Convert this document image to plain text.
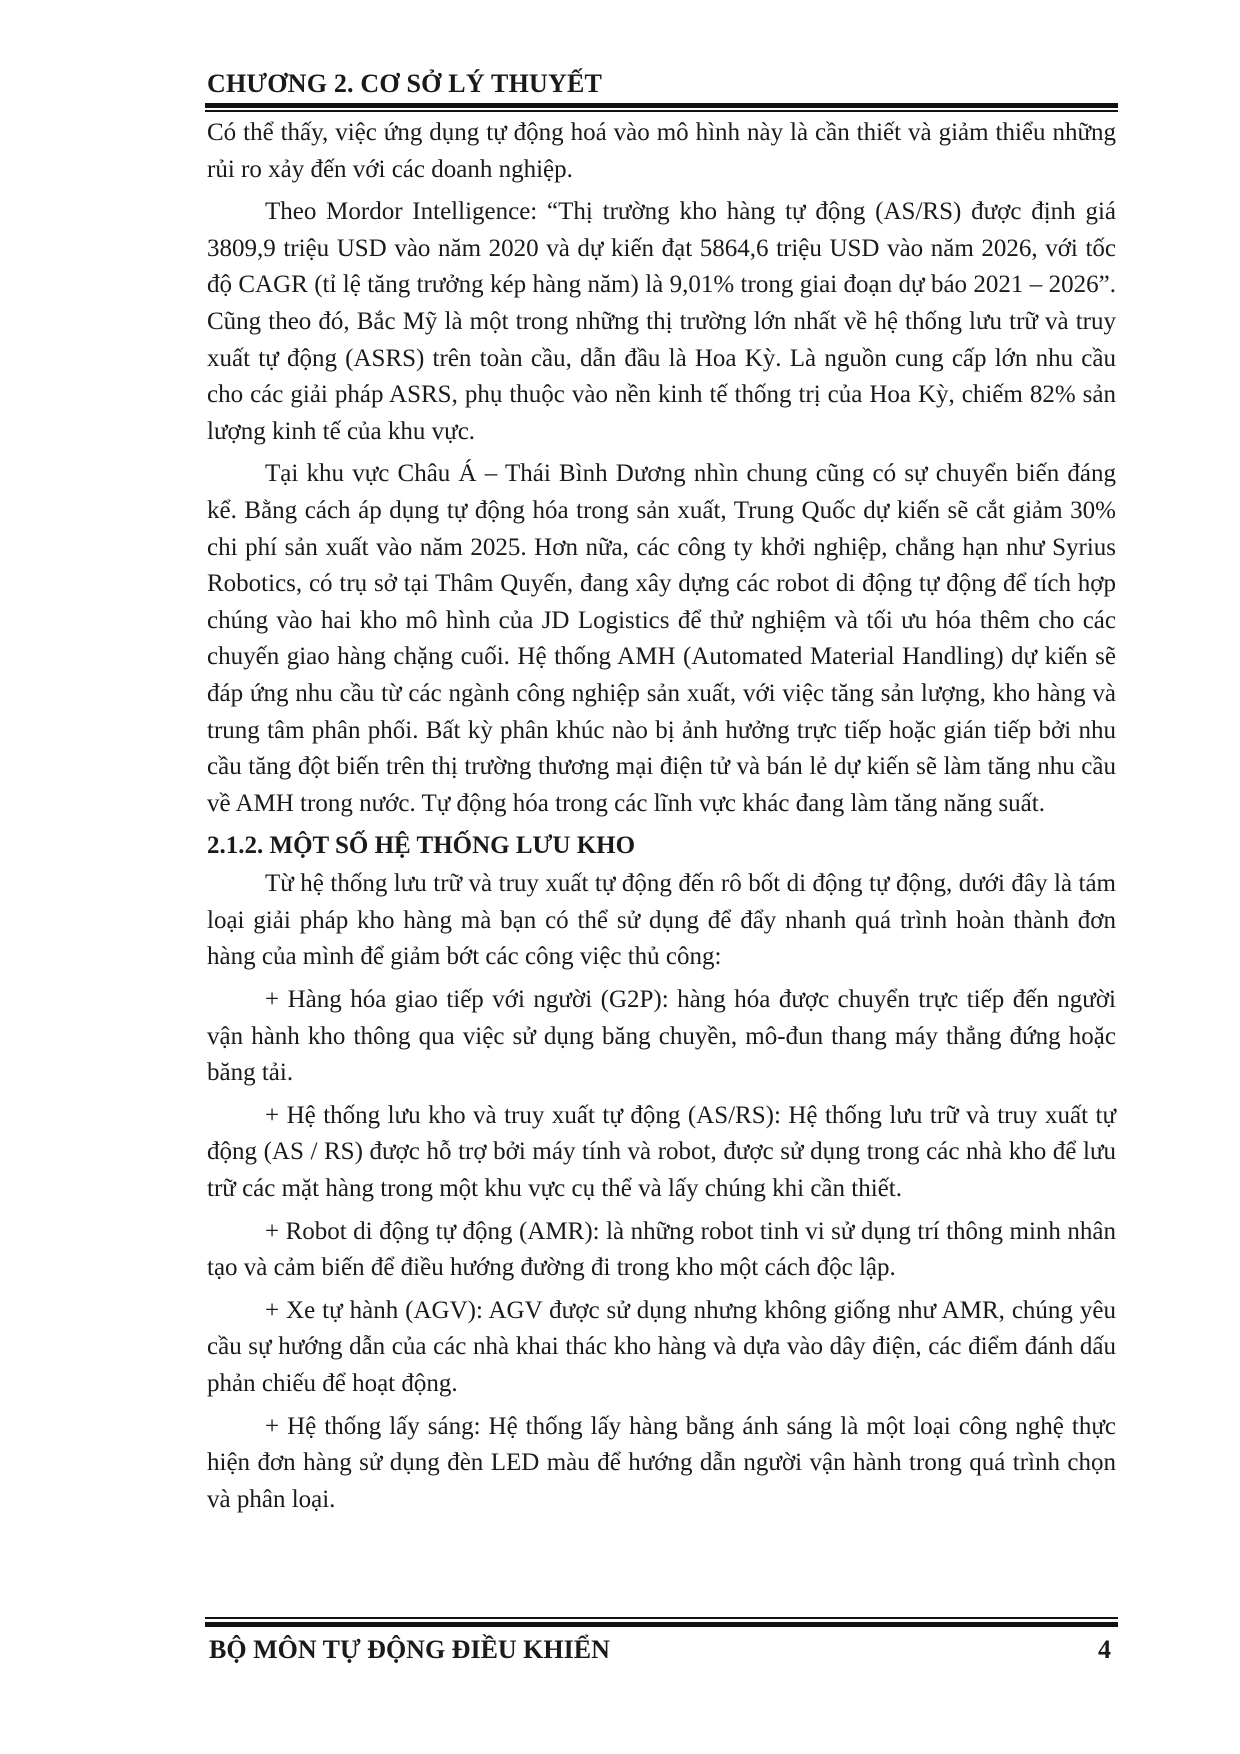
CHƯƠNG 2. CƠ SỞ LÝ THUYẾT

Có thể thấy, việc ứng dụng tự động hoá vào mô hình này là cần thiết và giảm thiểu những rủi ro xảy đến với các doanh nghiệp.

Theo Mordor Intelligence: “Thị trường kho hàng tự động (AS/RS) được định giá 3809,9 triệu USD vào năm 2020 và dự kiến đạt 5864,6 triệu USD vào năm 2026, với tốc độ CAGR (tỉ lệ tăng trưởng kép hàng năm) là 9,01% trong giai đoạn dự báo 2021 – 2026”. Cũng theo đó, Bắc Mỹ là một trong những thị trường lớn nhất về hệ thống lưu trữ và truy xuất tự động (ASRS) trên toàn cầu, dẫn đầu là Hoa Kỳ. Là nguồn cung cấp lớn nhu cầu cho các giải pháp ASRS, phụ thuộc vào nền kinh tế thống trị của Hoa Kỳ, chiếm 82% sản lượng kinh tế của khu vực.

Tại khu vực Châu Á – Thái Bình Dương nhìn chung cũng có sự chuyển biến đáng kể. Bằng cách áp dụng tự động hóa trong sản xuất, Trung Quốc dự kiến sẽ cắt giảm 30% chi phí sản xuất vào năm 2025. Hơn nữa, các công ty khởi nghiệp, chẳng hạn như Syrius Robotics, có trụ sở tại Thâm Quyến, đang xây dựng các robot di động tự động để tích hợp chúng vào hai kho mô hình của JD Logistics để thử nghiệm và tối ưu hóa thêm cho các chuyến giao hàng chặng cuối. Hệ thống AMH (Automated Material Handling) dự kiến sẽ đáp ứng nhu cầu từ các ngành công nghiệp sản xuất, với việc tăng sản lượng, kho hàng và trung tâm phân phối. Bất kỳ phân khúc nào bị ảnh hưởng trực tiếp hoặc gián tiếp bởi nhu cầu tăng đột biến trên thị trường thương mại điện tử và bán lẻ dự kiến sẽ làm tăng nhu cầu về AMH trong nước. Tự động hóa trong các lĩnh vực khác đang làm tăng năng suất.

2.1.2. MỘT SỐ HỆ THỐNG LƯU KHO

Từ hệ thống lưu trữ và truy xuất tự động đến rô bốt di động tự động, dưới đây là tám loại giải pháp kho hàng mà bạn có thể sử dụng để đẩy nhanh quá trình hoàn thành đơn hàng của mình để giảm bớt các công việc thủ công:

+ Hàng hóa giao tiếp với người (G2P): hàng hóa được chuyển trực tiếp đến người vận hành kho thông qua việc sử dụng băng chuyền, mô-đun thang máy thẳng đứng hoặc băng tải.

+ Hệ thống lưu kho và truy xuất tự động (AS/RS): Hệ thống lưu trữ và truy xuất tự động (AS / RS) được hỗ trợ bởi máy tính và robot, được sử dụng trong các nhà kho để lưu trữ các mặt hàng trong một khu vực cụ thể và lấy chúng khi cần thiết.

+ Robot di động tự động (AMR): là những robot tinh vi sử dụng trí thông minh nhân tạo và cảm biến để điều hướng đường đi trong kho một cách độc lập.

+ Xe tự hành (AGV): AGV được sử dụng nhưng không giống như AMR, chúng yêu cầu sự hướng dẫn của các nhà khai thác kho hàng và dựa vào dây điện, các điểm đánh dấu phản chiếu để hoạt động.

+ Hệ thống lấy sáng: Hệ thống lấy hàng bằng ánh sáng là một loại công nghệ thực hiện đơn hàng sử dụng đèn LED màu để hướng dẫn người vận hành trong quá trình chọn và phân loại.

BỘ MÔN TỰ ĐỘNG ĐIỀU KHIỂN	4
